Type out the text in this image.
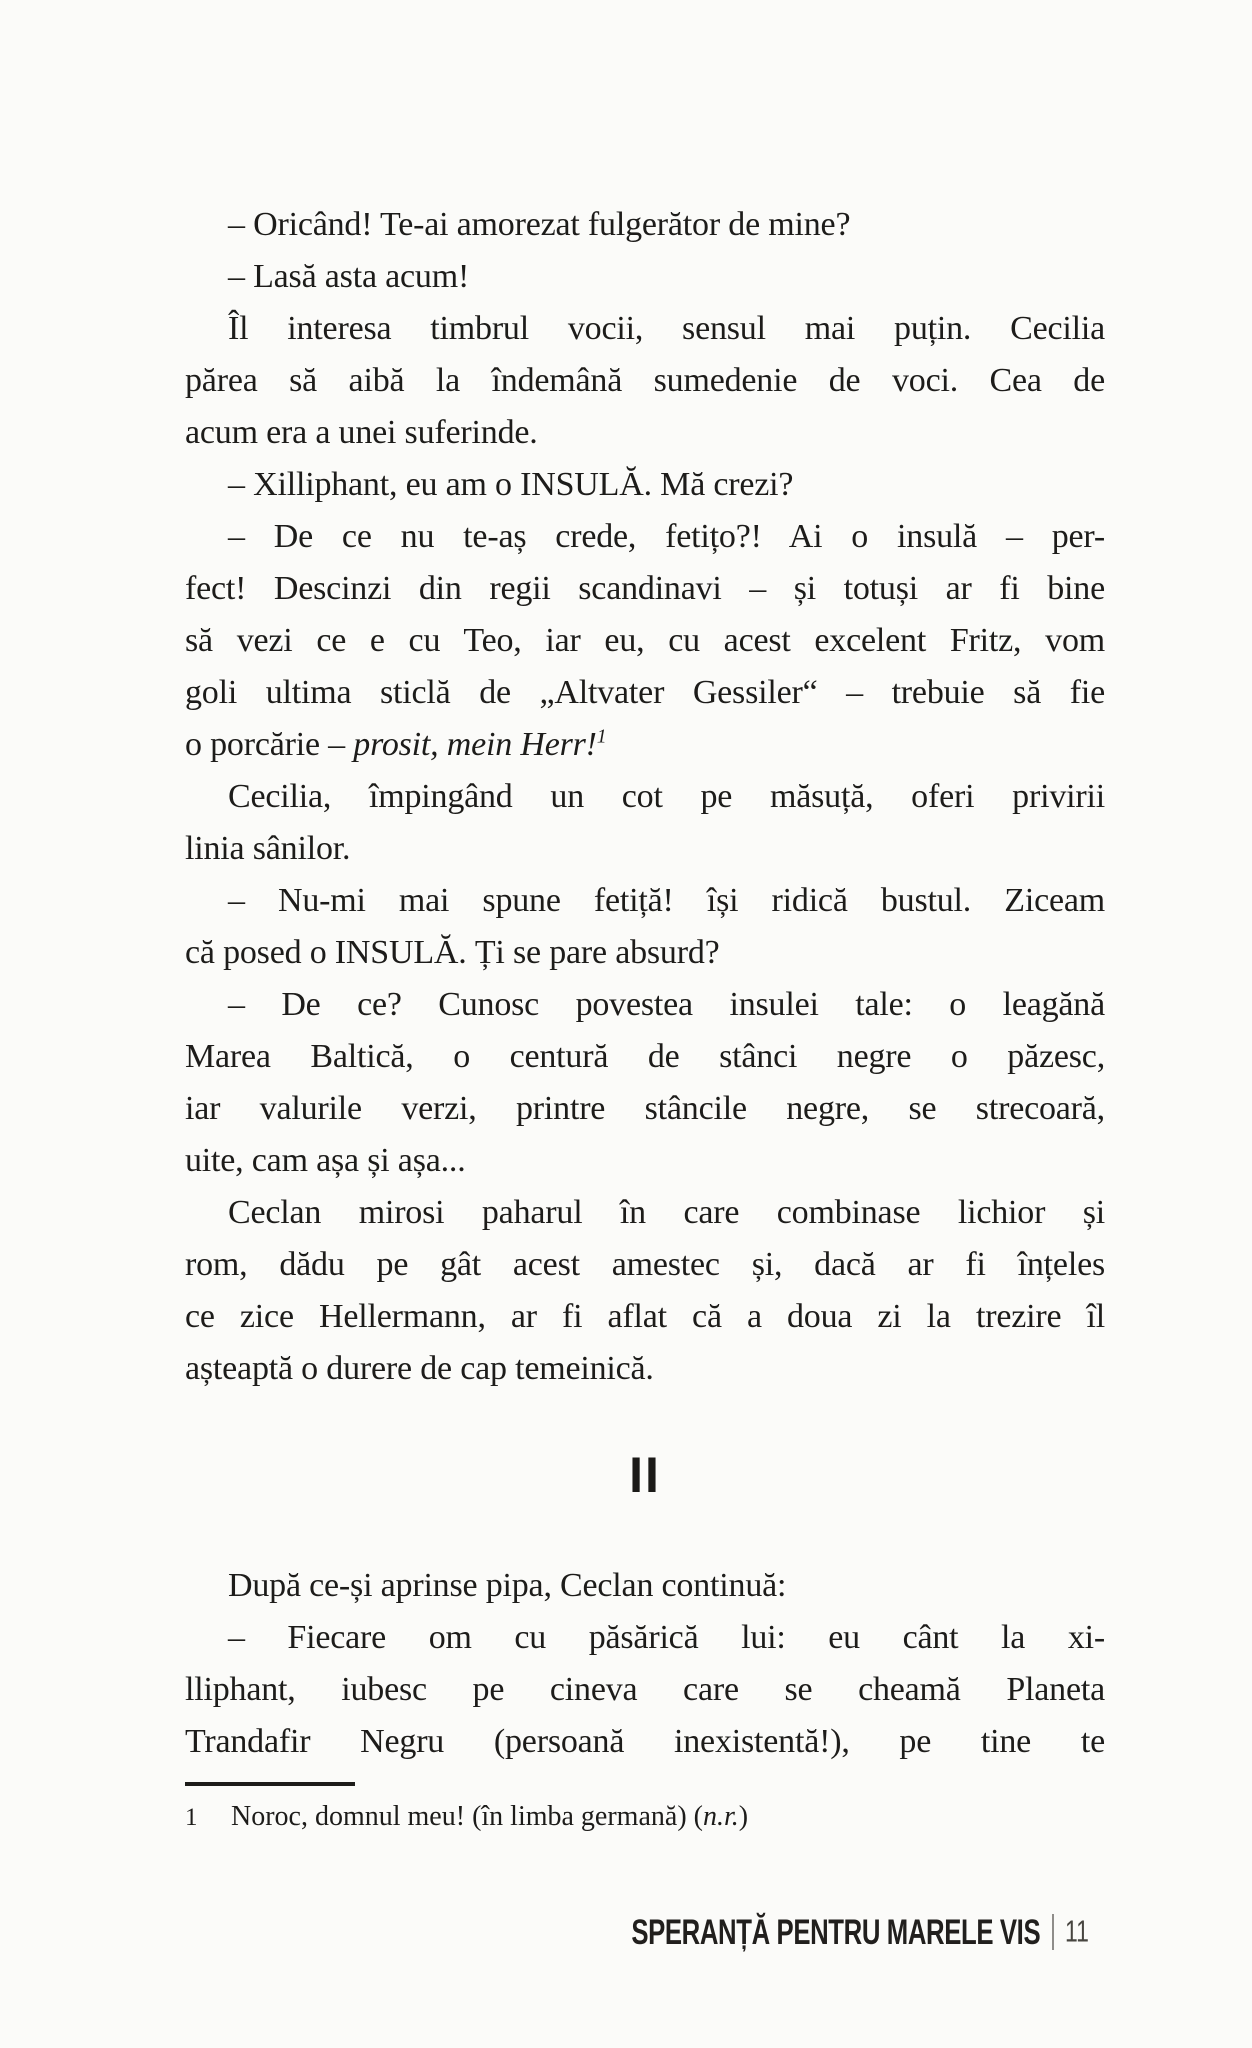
– Oricând! Te-ai amorezat fulgerător de mine?
– Lasă asta acum!
Îl interesa timbrul vocii, sensul mai puțin. Cecilia
părea să aibă la îndemână sumedenie de voci. Cea de
acum era a unei suferinde.
– Xilliphant, eu am o INSULĂ. Mă crezi?
– De ce nu te-aș crede, fetițo?! Ai o insulă – per-
fect! Descinzi din regii scandinavi – și totuși ar fi bine
să vezi ce e cu Teo, iar eu, cu acest excelent Fritz, vom
goli ultima sticlă de „Altvater Gessiler“ – trebuie să fie
o porcărie – prosit, mein Herr!$^1$
Cecilia, împingând un cot pe măsuță, oferi privirii
linia sânilor.
– Nu-mi mai spune fetiță! își ridică bustul. Ziceam
că posed o INSULĂ. Ți se pare absurd?
– De ce? Cunosc povestea insulei tale: o leagănă
Marea Baltică, o centură de stânci negre o păzesc,
iar valurile verzi, printre stâncile negre, se strecoară,
uite, cam așa și așa...
Ceclan mirosi paharul în care combinase lichior și
rom, dădu pe gât acest amestec și, dacă ar fi înțeles
ce zice Hellermann, ar fi aflat că a doua zi la trezire îl
așteaptă o durere de cap temeinică.
II
După ce-și aprinse pipa, Ceclan continuă:
– Fiecare om cu păsărică lui: eu cânt la xi-
lliphant, iubesc pe cineva care se cheamă Planeta
Trandafir Negru (persoană inexistentă!), pe tine te
1 Noroc, domnul meu! (în limba germană) (n.r.)
SPERANȚĂ PENTRU MARELE VIS 11
